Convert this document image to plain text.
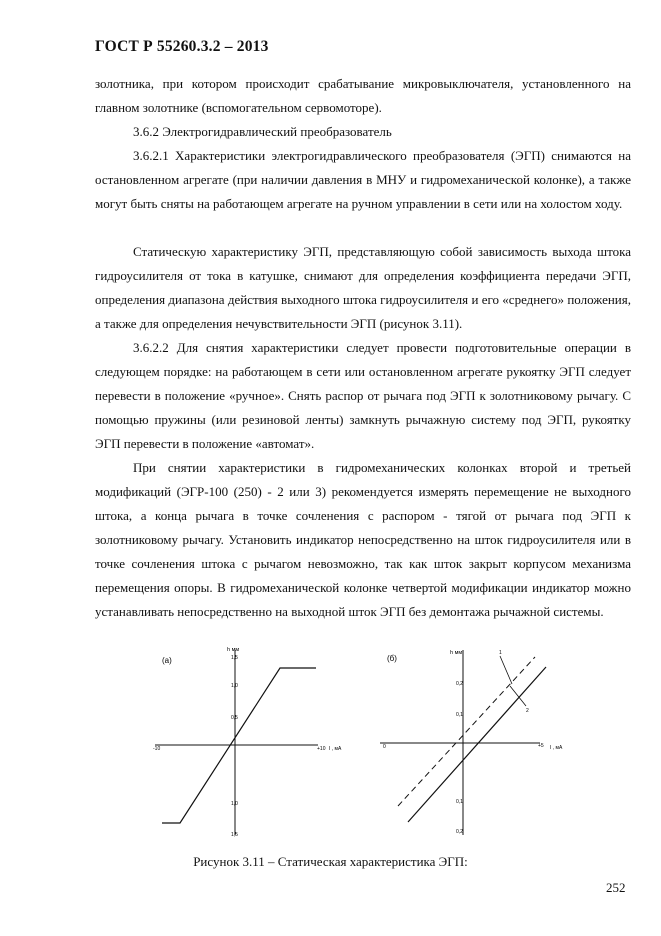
ГОСТ Р 55260.3.2 – 2013
золотника, при котором происходит срабатывание микровыключателя, установленного на главном золотнике (вспомогательном сервомоторе).
3.6.2 Электрогидравлический преобразователь
3.6.2.1 Характеристики электрогидравлического преобразователя (ЭГП) снимаются на остановленном агрегате (при наличии давления в МНУ и гидромеханической колонке), а также могут быть сняты на работающем агрегате на ручном управлении в сети или на холостом ходу.
Статическую характеристику ЭГП, представляющую собой зависимость выхода штока гидроусилителя от тока в катушке, снимают для определения коэффициента передачи ЭГП, определения диапазона действия выходного штока гидроусилителя и его «среднего» положения, а также для определения нечувствительности ЭГП (рисунок 3.11).
3.6.2.2 Для снятия характеристики следует провести подготовительные операции в следующем порядке: на работающем в сети или остановленном агрегате рукоятку ЭГП следует перевести в положение «ручное». Снять распор от рычага под ЭГП к золотниковому рычагу. С помощью пружины (или резиновой ленты) замкнуть рычажную систему под ЭГП, рукоятку ЭГП перевести в положение «автомат».
При снятии характеристики в гидромеханических колонках второй и третьей модификаций (ЭГР-100 (250) - 2 или 3) рекомендуется измерять перемещение не выходного штока, а конца рычага в точке сочленения с распором - тягой от рычага под ЭГП к золотниковому рычагу. Установить индикатор непосредственно на шток гидроусилителя или в точке сочленения штока с рычагом невозможно, так как шток закрыт корпусом механизма перемещения опоры. В гидромеханической колонке четвертой модификации индикатор можно устанавливать непосредственно на выходной шток ЭГП без демонтажа рычажной системы.
(а)
h мм
1,5
1,0
0,5
1,0
1,5
-10	+10 I , мА
(б)
1
2
h мм
0,2
0,1
0,1
0,2
0	+5 I , мА
Рисунок 3.11 – Статическая характеристика ЭГП:
252
